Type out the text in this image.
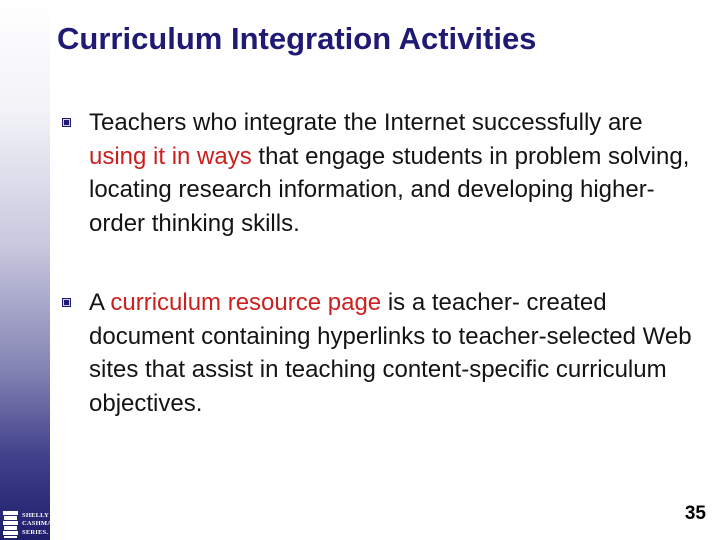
Curriculum Integration Activities
Teachers who integrate the Internet successfully are using it in ways that engage students in problem solving, locating research information, and developing higher- order thinking skills.
A curriculum resource page is a teacher- created document containing hyperlinks to teacher-selected Web sites that assist in teaching content-specific curriculum objectives.
35
SHELLY
CASHMAN
SERIES.
